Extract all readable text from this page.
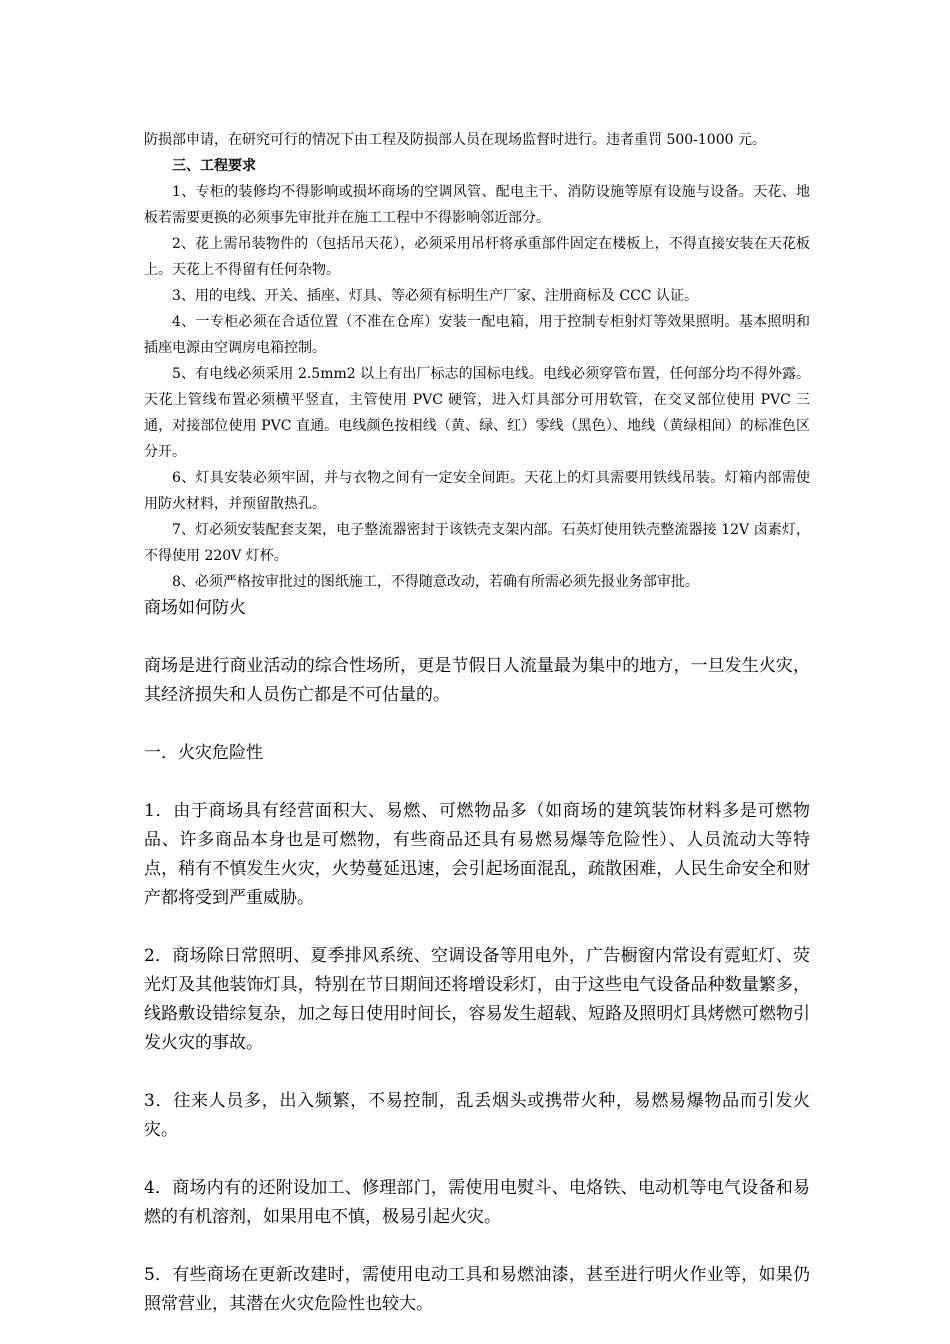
防损部申请，在研究可行的情况下由工程及防损部人员在现场监督时进行。违者重罚 500-1000 元。

三、工程要求

1、专柜的装修均不得影响或损坏商场的空调风管、配电主干、消防设施等原有设施与设备。天花、地板若需要更换的必须事先审批并在施工工程中不得影响邻近部分。

2、花上需吊装物件的（包括吊天花），必须采用吊杆将承重部件固定在楼板上，不得直接安装在天花板上。天花上不得留有任何杂物。

3、用的电线、开关、插座、灯具、等必须有标明生产厂家、注册商标及 CCC 认证。

4、一专柜必须在合适位置（不准在仓库）安装一配电箱，用于控制专柜射灯等效果照明。基本照明和插座电源由空调房电箱控制。

5、有电线必须采用 2.5mm2 以上有出厂标志的国标电线。电线必须穿管布置，任何部分均不得外露。天花上管线布置必须横平竖直，主管使用 PVC 硬管，进入灯具部分可用软管，在交叉部位使用 PVC 三通，对接部位使用 PVC 直通。电线颜色按相线（黄、绿、红）零线（黑色）、地线（黄绿相间）的标准色区分开。

6、灯具安装必须牢固，并与衣物之间有一定安全间距。天花上的灯具需要用铁线吊装。灯箱内部需使用防火材料，并预留散热孔。

7、灯必须安装配套支架，电子整流器密封于该铁壳支架内部。石英灯使用铁壳整流器接 12V 卤素灯，不得使用 220V 灯杯。

8、必须严格按审批过的图纸施工，不得随意改动，若确有所需必须先报业务部审批。

商场如何防火

商场是进行商业活动的综合性场所，更是节假日人流量最为集中的地方，一旦发生火灾，其经济损失和人员伤亡都是不可估量的。

一．火灾危险性

1．由于商场具有经营面积大、易燃、可燃物品多（如商场的建筑装饰材料多是可燃物品、许多商品本身也是可燃物，有些商品还具有易燃易爆等危险性）、人员流动大等特点，稍有不慎发生火灾，火势蔓延迅速，会引起场面混乱，疏散困难，人民生命安全和财产都将受到严重威胁。

2．商场除日常照明、夏季排风系统、空调设备等用电外，广告橱窗内常设有霓虹灯、荧光灯及其他装饰灯具，特别在节日期间还将增设彩灯，由于这些电气设备品种数量繁多，线路敷设错综复杂，加之每日使用时间长，容易发生超载、短路及照明灯具烤燃可燃物引发火灾的事故。

3．往来人员多，出入频繁，不易控制，乱丢烟头或携带火种，易燃易爆物品而引发火灾。

4．商场内有的还附设加工、修理部门，需使用电熨斗、电烙铁、电动机等电气设备和易燃的有机溶剂，如果用电不慎，极易引起火灾。

5．有些商场在更新改建时，需使用电动工具和易燃油漆，甚至进行明火作业等，如果仍照常营业，其潜在火灾危险性也较大。
